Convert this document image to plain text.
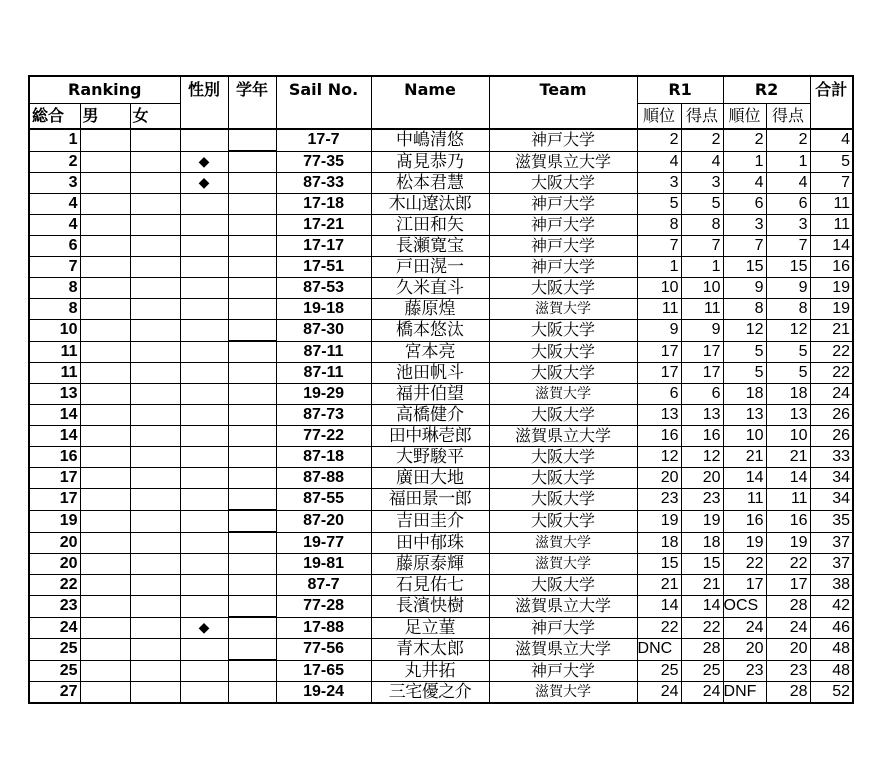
Ranking			性別	学年	Sail No.	Name	Team	R1		R2		合計
総合	男	女						順位	得点	順位	得点	
1					17-7	中嶋清悠	神戸大学	2	2	2	2	4
2			◆		77-35	髙見恭乃	滋賀県立大学	4	4	1	1	5
3			◆		87-33	松本君慧	大阪大学	3	3	4	4	7
4					17-18	木山遼汰郎	神戸大学	5	5	6	6	11
4					17-21	江田和矢	神戸大学	8	8	3	3	11
6					17-17	長瀬寛宝	神戸大学	7	7	7	7	14
7					17-51	戸田滉一	神戸大学	1	1	15	15	16
8					87-53	久米直斗	大阪大学	10	10	9	9	19
8					19-18	藤原煌	滋賀大学	11	11	8	8	19
10					87-30	橋本悠汰	大阪大学	9	9	12	12	21
11					87-11	宮本亮	大阪大学	17	17	5	5	22
11					87-11	池田帆斗	大阪大学	17	17	5	5	22
13					19-29	福井伯望	滋賀大学	6	6	18	18	24
14					87-73	高橋健介	大阪大学	13	13	13	13	26
14					77-22	田中琳壱郎	滋賀県立大学	16	16	10	10	26
16					87-18	大野駿平	大阪大学	12	12	21	21	33
17					87-88	廣田大地	大阪大学	20	20	14	14	34
17					87-55	福田景一郎	大阪大学	23	23	11	11	34
19					87-20	吉田圭介	大阪大学	19	19	16	16	35
20					19-77	田中郁珠	滋賀大学	18	18	19	19	37
20					19-81	藤原泰輝	滋賀大学	15	15	22	22	37
22					87-7	石見佑七	大阪大学	21	21	17	17	38
23					77-28	長濱快樹	滋賀県立大学	14	14	OCS	28	42
24			◆		17-88	足立菫	神戸大学	22	22	24	24	46
25					77-56	青木太郎	滋賀県立大学	DNC	28	20	20	48
25					17-65	丸井拓	神戸大学	25	25	23	23	48
27					19-24	三宅優之介	滋賀大学	24	24	DNF	28	52
